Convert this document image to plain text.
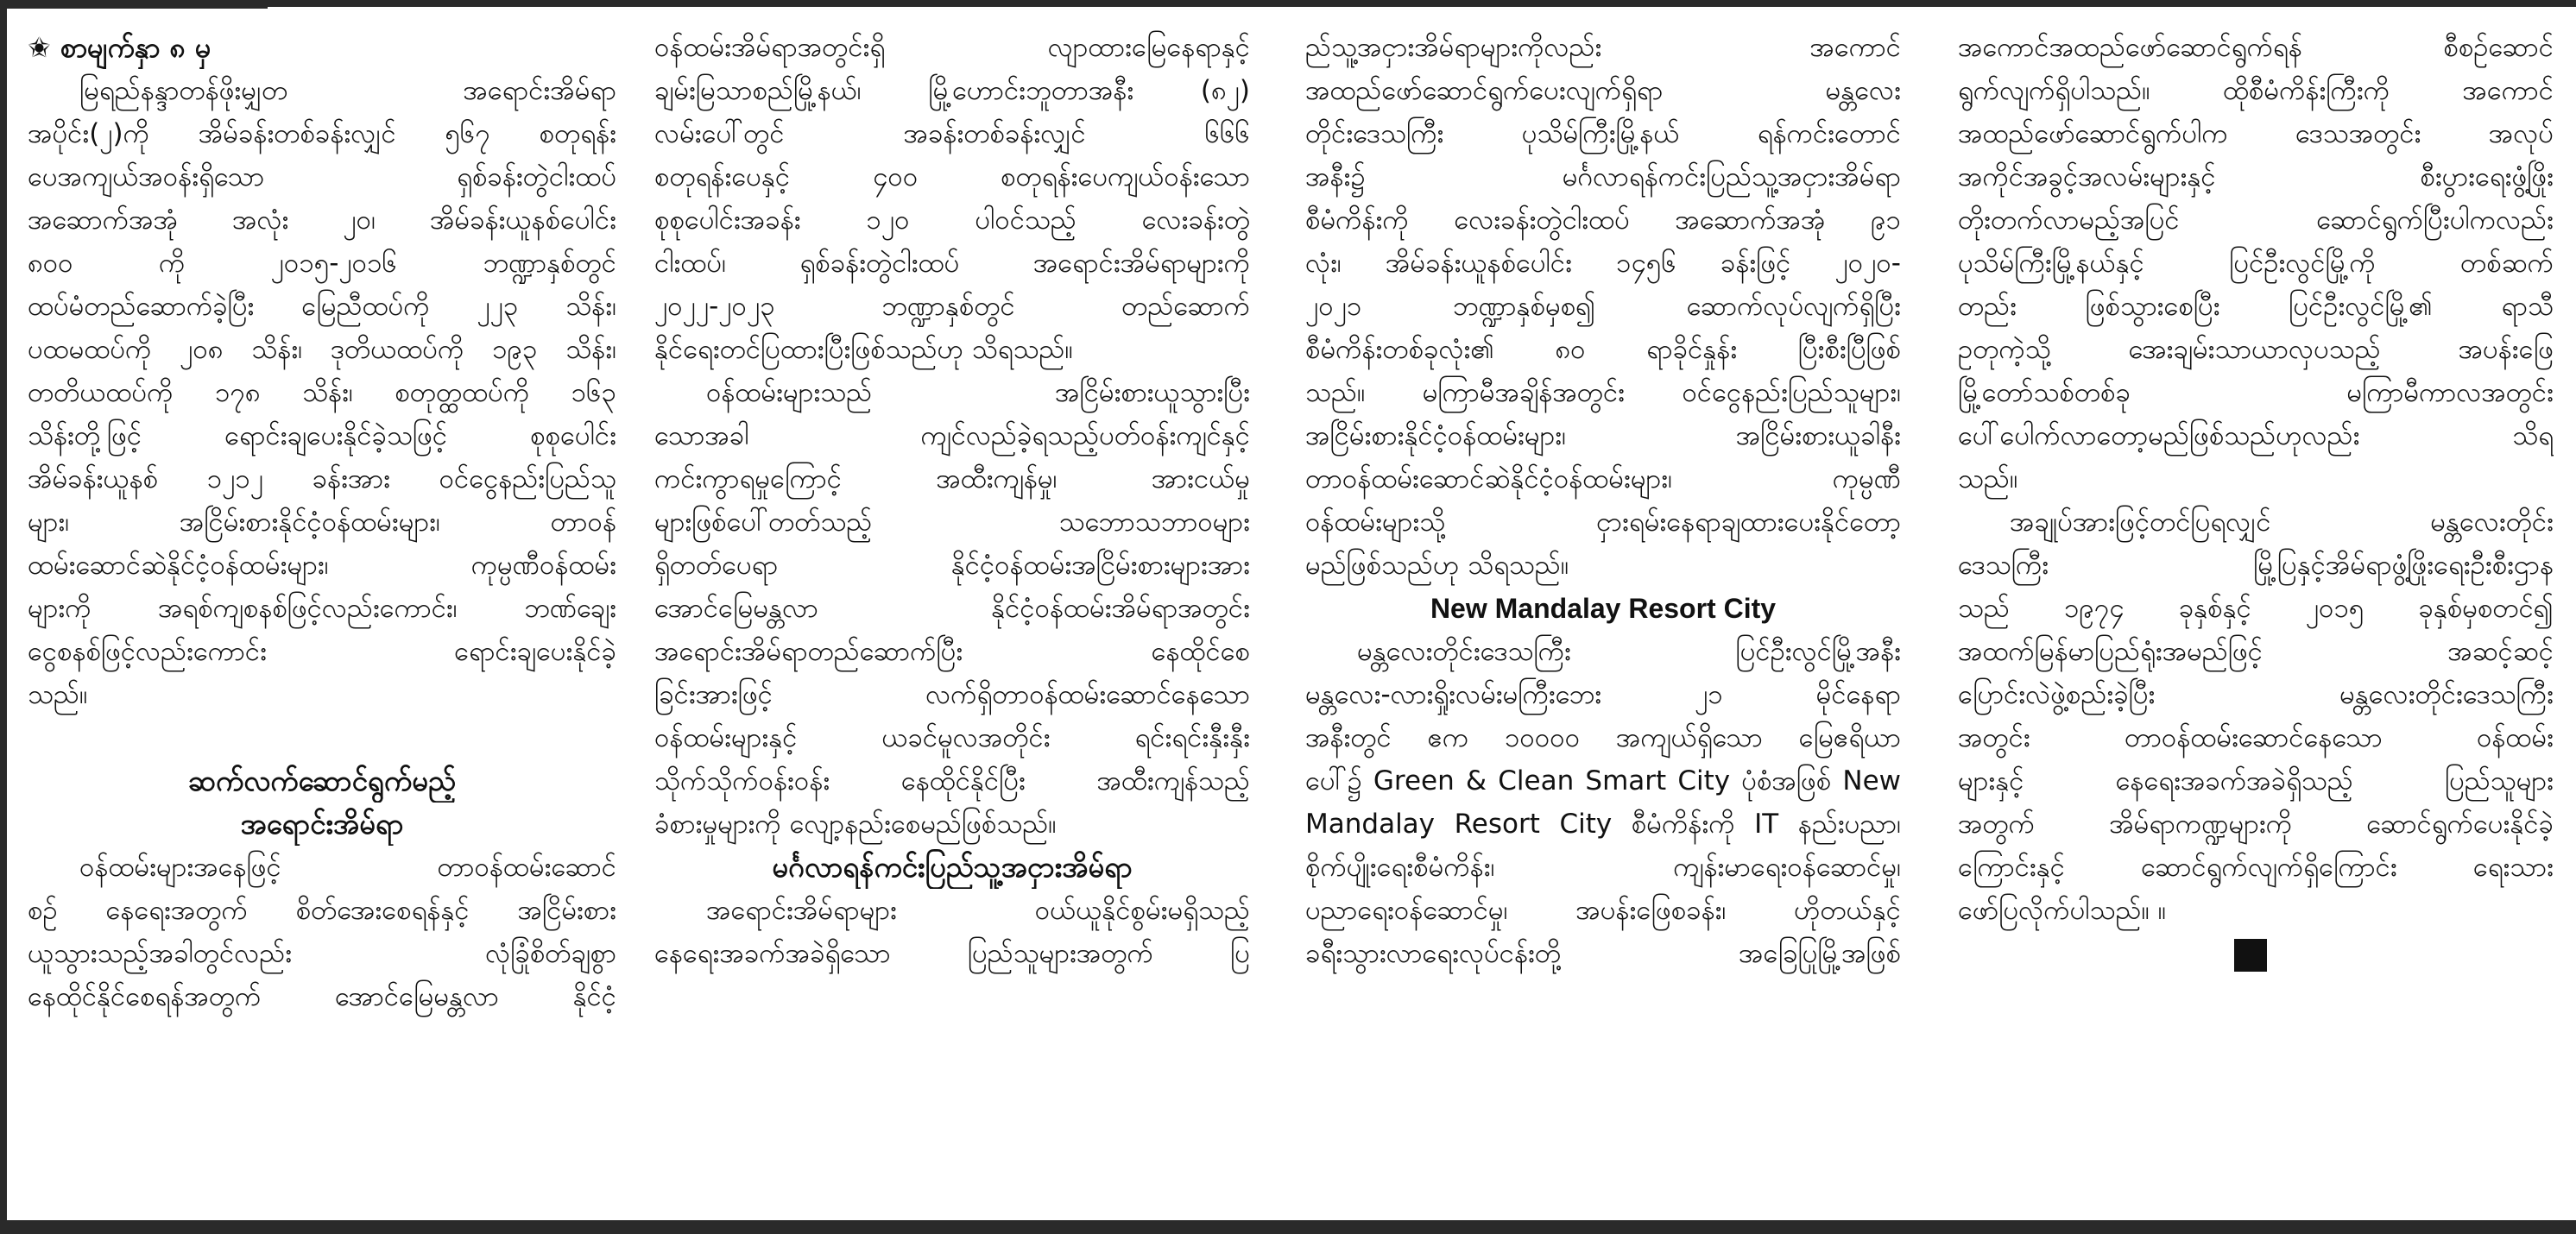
✬ စာမျက်နှာ ၈ မှ
မြရည်နန္ဒာတန်ဖိုးမျှတ အရောင်းအိမ်ရာ
အပိုင်း(၂)ကို အိမ်ခန်းတစ်ခန်းလျှင် ၅၆၇ စတုရန်း
ပေအကျယ်အဝန်းရှိသော ရှစ်ခန်းတွဲငါးထပ်
အဆောက်အအုံ အလုံး ၂၀၊ အိမ်ခန်းယူနစ်ပေါင်း
၈၀၀ ကို ၂၀၁၅-၂၀၁၆ ဘဏ္ဍာနှစ်တွင်
ထပ်မံတည်ဆောက်ခဲ့ပြီး မြေညီထပ်ကို ၂၂၃ သိန်း၊
ပထမထပ်ကို ၂၀၈ သိန်း၊ ဒုတိယထပ်ကို ၁၉၃ သိန်း၊
တတိယထပ်ကို ၁၇၈ သိန်း၊ စတုတ္ထထပ်ကို ၁၆၃
သိန်းတို့ဖြင့် ရောင်းချပေးနိုင်ခဲ့သဖြင့် စုစုပေါင်း
အိမ်ခန်းယူနစ် ၁၂၁၂ ခန်းအား ဝင်ငွေနည်းပြည်သူ
များ၊ အငြိမ်းစားနိုင်ငံ့ဝန်ထမ်းများ၊ တာဝန်
ထမ်းဆောင်ဆဲနိုင်ငံ့ဝန်ထမ်းများ၊ ကုမ္ပဏီဝန်ထမ်း
များကို အရစ်ကျစနစ်ဖြင့်လည်းကောင်း၊ ဘဏ်ချေး
ငွေစနစ်ဖြင့်လည်းကောင်း ရောင်းချပေးနိုင်ခဲ့
သည်။
ဆက်လက်ဆောင်ရွက်မည့်
အရောင်းအိမ်ရာ
ဝန်ထမ်းများအနေဖြင့် တာဝန်ထမ်းဆောင်
စဉ် နေရေးအတွက် စိတ်အေးစေရန်နှင့် အငြိမ်းစား
ယူသွားသည့်အခါတွင်လည်း လုံခြုံစိတ်ချစွာ
နေထိုင်နိုင်စေရန်အတွက် အောင်မြေမန္တလာ နိုင်ငံ့
ဝန်ထမ်းအိမ်ရာအတွင်းရှိ လျာထားမြေနေရာနှင့်
ချမ်းမြသာစည်မြို့နယ်၊ မြို့ဟောင်းဘူတာအနီး (၈၂)
လမ်းပေါ်တွင် အခန်းတစ်ခန်းလျှင် ၆၆၆
စတုရန်းပေနှင့် ၄၀၀ စတုရန်းပေကျယ်ဝန်းသော
စုစုပေါင်းအခန်း ၁၂၀ ပါဝင်သည့် လေးခန်းတွဲ
ငါးထပ်၊ ရှစ်ခန်းတွဲငါးထပ် အရောင်းအိမ်ရာများကို
၂၀၂၂-၂၀၂၃ ဘဏ္ဍာနှစ်တွင် တည်ဆောက်
နိုင်ရေးတင်ပြထားပြီးဖြစ်သည်ဟု သိရသည်။
ဝန်ထမ်းများသည် အငြိမ်းစားယူသွားပြီး
သောအခါ ကျင်လည်ခဲ့ရသည့်ပတ်ဝန်းကျင်နှင့်
ကင်းကွာရမှုကြောင့် အထီးကျန်မှု၊ အားငယ်မှု
များဖြစ်ပေါ်တတ်သည့် သဘောသဘာဝများ
ရှိတတ်ပေရာ နိုင်ငံ့ဝန်ထမ်းအငြိမ်းစားများအား
အောင်မြေမန္တလာ နိုင်ငံ့ဝန်ထမ်းအိမ်ရာအတွင်း
အရောင်းအိမ်ရာတည်ဆောက်ပြီး နေထိုင်စေ
ခြင်းအားဖြင့် လက်ရှိတာဝန်ထမ်းဆောင်နေသော
ဝန်ထမ်းများနှင့် ယခင်မူလအတိုင်း ရင်းရင်းနှီးနှီး
သိုက်သိုက်ဝန်းဝန်း နေထိုင်နိုင်ပြီး အထီးကျန်သည့်
ခံစားမှုများကို လျော့နည်းစေမည်ဖြစ်သည်။
မင်္ဂလာရန်ကင်းပြည်သူ့အငှားအိမ်ရာ
အရောင်းအိမ်ရာများ ဝယ်ယူနိုင်စွမ်းမရှိသည့်
နေရေးအခက်အခဲရှိသော ပြည်သူများအတွက် ပြ
ည်သူ့အငှားအိမ်ရာများကိုလည်း အကောင်
အထည်ဖော်ဆောင်ရွက်ပေးလျက်ရှိရာ မန္တလေး
တိုင်းဒေသကြီး ပုသိမ်ကြီးမြို့နယ် ရန်ကင်းတောင်
အနီး၌ မင်္ဂလာရန်ကင်းပြည်သူ့အငှားအိမ်ရာ
စီမံကိန်းကို လေးခန်းတွဲငါးထပ် အဆောက်အအုံ ၉၁
လုံး၊ အိမ်ခန်းယူနစ်ပေါင်း ၁၄၅၆ ခန်းဖြင့် ၂၀၂၀-
၂၀၂၁ ဘဏ္ဍာနှစ်မှစ၍ ဆောက်လုပ်လျက်ရှိပြီး
စီမံကိန်းတစ်ခုလုံး၏ ၈၀ ရာခိုင်နှုန်း ပြီးစီးပြီဖြစ်
သည်။ မကြာမီအချိန်အတွင်း ဝင်ငွေနည်းပြည်သူများ၊
အငြိမ်းစားနိုင်ငံ့ဝန်ထမ်းများ၊ အငြိမ်းစားယူခါနီး
တာဝန်ထမ်းဆောင်ဆဲနိုင်ငံ့ဝန်ထမ်းများ၊ ကုမ္ပဏီ
ဝန်ထမ်းများသို့ ငှားရမ်းနေရာချထားပေးနိုင်တော့
မည်ဖြစ်သည်ဟု သိရသည်။
New Mandalay Resort City
မန္တလေးတိုင်းဒေသကြီး ပြင်ဦးလွင်မြို့အနီး
မန္တလေး-လားရှိုးလမ်းမကြီးဘေး ၂၁ မိုင်နေရာ
အနီးတွင် ဧက ၁၀၀၀၀ အကျယ်ရှိသော မြေဧရိယာ
ပေါ်၌ Green & Clean Smart City ပုံစံအဖြစ် New
Mandalay Resort City စီမံကိန်းကို IT နည်းပညာ၊
စိုက်ပျိုးရေးစီမံကိန်း၊ ကျန်းမာရေးဝန်ဆောင်မှု၊
ပညာရေးဝန်ဆောင်မှု၊ အပန်းဖြေစခန်း၊ ဟိုတယ်နှင့်
ခရီးသွားလာရေးလုပ်ငန်းတို့ အခြေပြုမြို့အဖြစ်
အကောင်အထည်ဖော်ဆောင်ရွက်ရန် စီစဉ်ဆောင်
ရွက်လျက်ရှိပါသည်။ ထိုစီမံကိန်းကြီးကို အကောင်
အထည်ဖော်ဆောင်ရွက်ပါက ဒေသအတွင်း အလုပ်
အကိုင်အခွင့်အလမ်းများနှင့် စီးပွားရေးဖွံ့ဖြိုး
တိုးတက်လာမည့်အပြင် ဆောင်ရွက်ပြီးပါကလည်း
ပုသိမ်ကြီးမြို့နယ်နှင့် ပြင်ဦးလွင်မြို့ကို တစ်ဆက်
တည်း ဖြစ်သွားစေပြီး ပြင်ဦးလွင်မြို့၏ ရာသီ
ဥတုကဲ့သို့ အေးချမ်းသာယာလှပသည့် အပန်းဖြေ
မြို့တော်သစ်တစ်ခု မကြာမီကာလအတွင်း
ပေါ်ပေါက်လာတော့မည်ဖြစ်သည်ဟုလည်း သိရ
သည်။
အချုပ်အားဖြင့်တင်ပြရလျှင် မန္တလေးတိုင်း
ဒေသကြီး မြို့ပြနှင့်အိမ်ရာဖွံ့ဖြိုးရေးဦးစီးဌာန
သည် ၁၉၇၄ ခုနှစ်နှင့် ၂၀၁၅ ခုနှစ်မှစတင်၍
အထက်မြန်မာပြည်ရုံးအမည်ဖြင့် အဆင့်ဆင့်
ပြောင်းလဲဖွဲ့စည်းခဲ့ပြီး မန္တလေးတိုင်းဒေသကြီး
အတွင်း တာဝန်ထမ်းဆောင်နေသော ဝန်ထမ်း
များနှင့် နေရေးအခက်အခဲရှိသည့် ပြည်သူများ
အတွက် အိမ်ရာကဏ္ဍများကို ဆောင်ရွက်ပေးနိုင်ခဲ့
ကြောင်းနှင့် ဆောင်ရွက်လျက်ရှိကြောင်း ရေးသား
ဖော်ပြလိုက်ပါသည်။ ။
